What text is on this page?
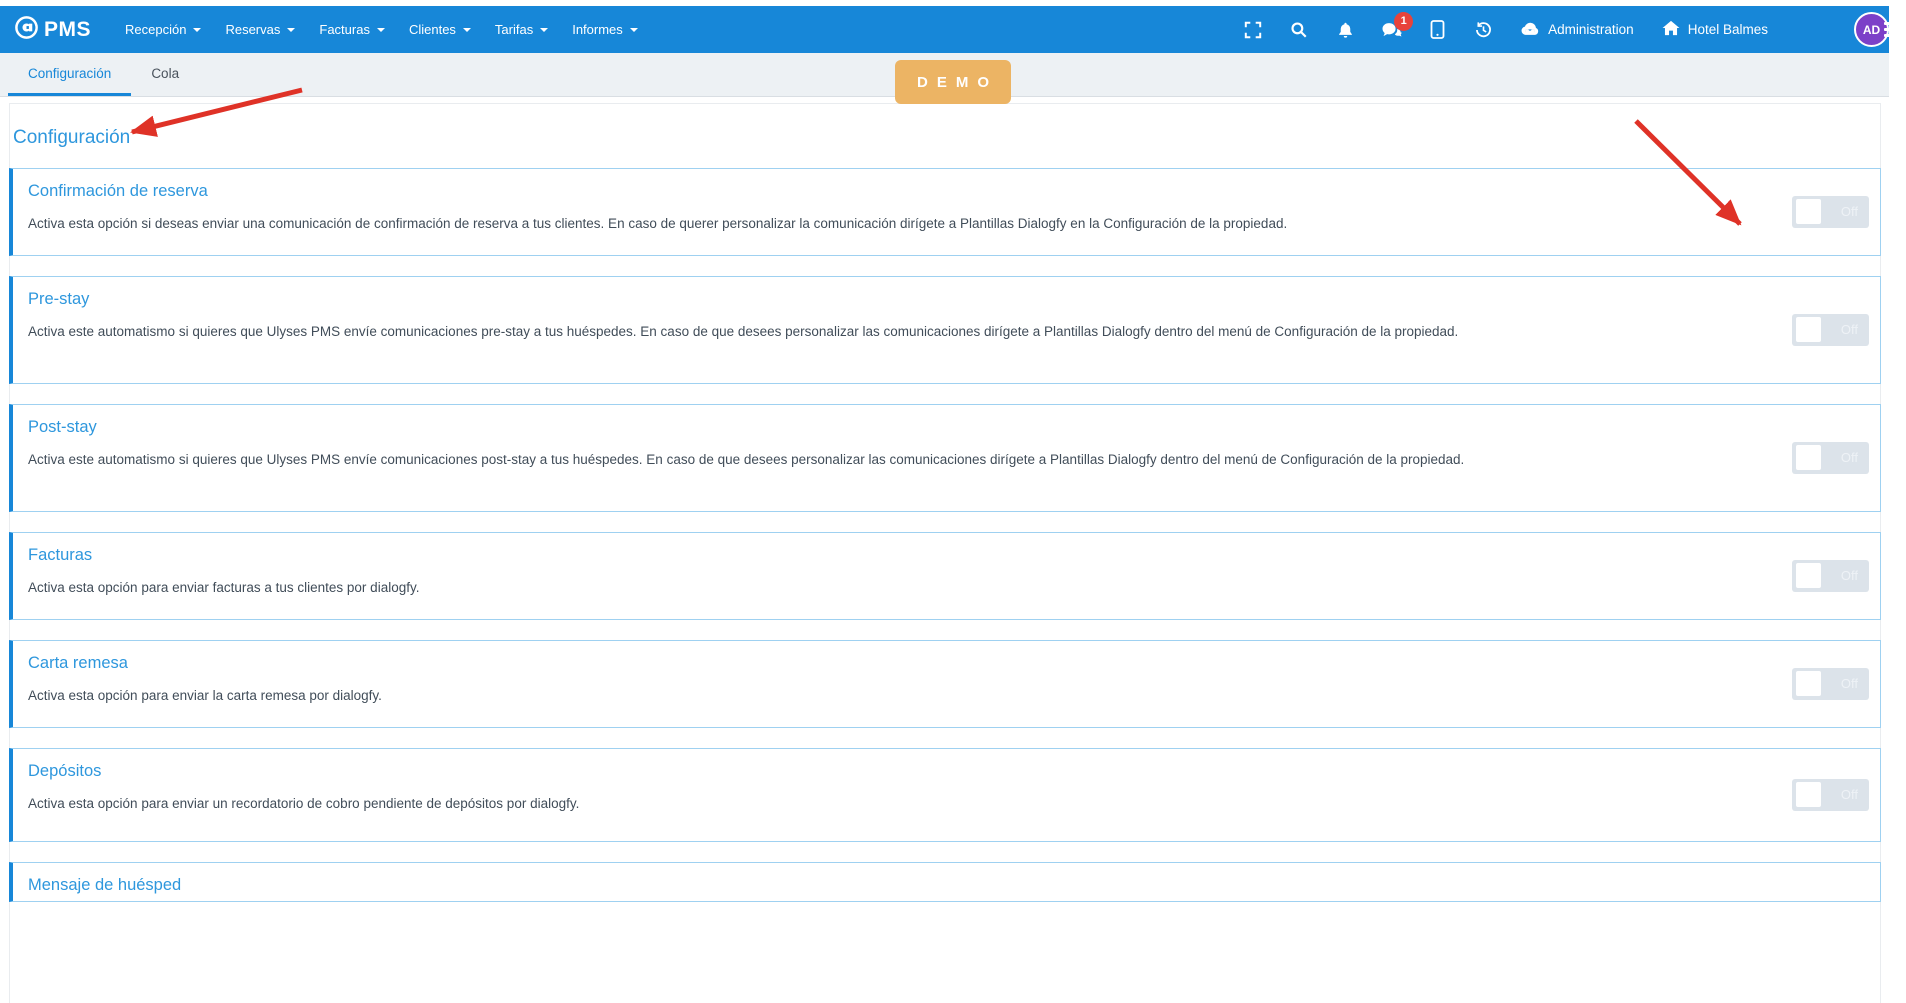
PMS	Recepción	Reservas	Facturas	Clientes	Tarifas	Informes
1
Administration	Hotel Balmes	AD
Configuración	Cola
DEMO
Configuración
Confirmación de reserva
Activa esta opción si deseas enviar una comunicación de confirmación de reserva a tus clientes. En caso de querer personalizar la comunicación dirígete a Plantillas Dialogfy en la Configuración de la propiedad.
Off
Pre-stay
Activa este automatismo si quieres que Ulyses PMS envíe comunicaciones pre-stay a tus huéspedes. En caso de que desees personalizar las comunicaciones dirígete a Plantillas Dialogfy dentro del menú de Configuración de la propiedad.	Off
Post-stay
Activa este automatismo si quieres que Ulyses PMS envíe comunicaciones post-stay a tus huéspedes. En caso de que desees personalizar las comunicaciones dirígete a Plantillas Dialogfy dentro del menú de Configuración de la propiedad.	Off
Facturas
Activa esta opción para enviar facturas a tus clientes por dialogfy.
Off
Carta remesa
Activa esta opción para enviar la carta remesa por dialogfy.
Off
Depósitos
Activa esta opción para enviar un recordatorio de cobro pendiente de depósitos por dialogfy.
Off
Mensaje de huésped
